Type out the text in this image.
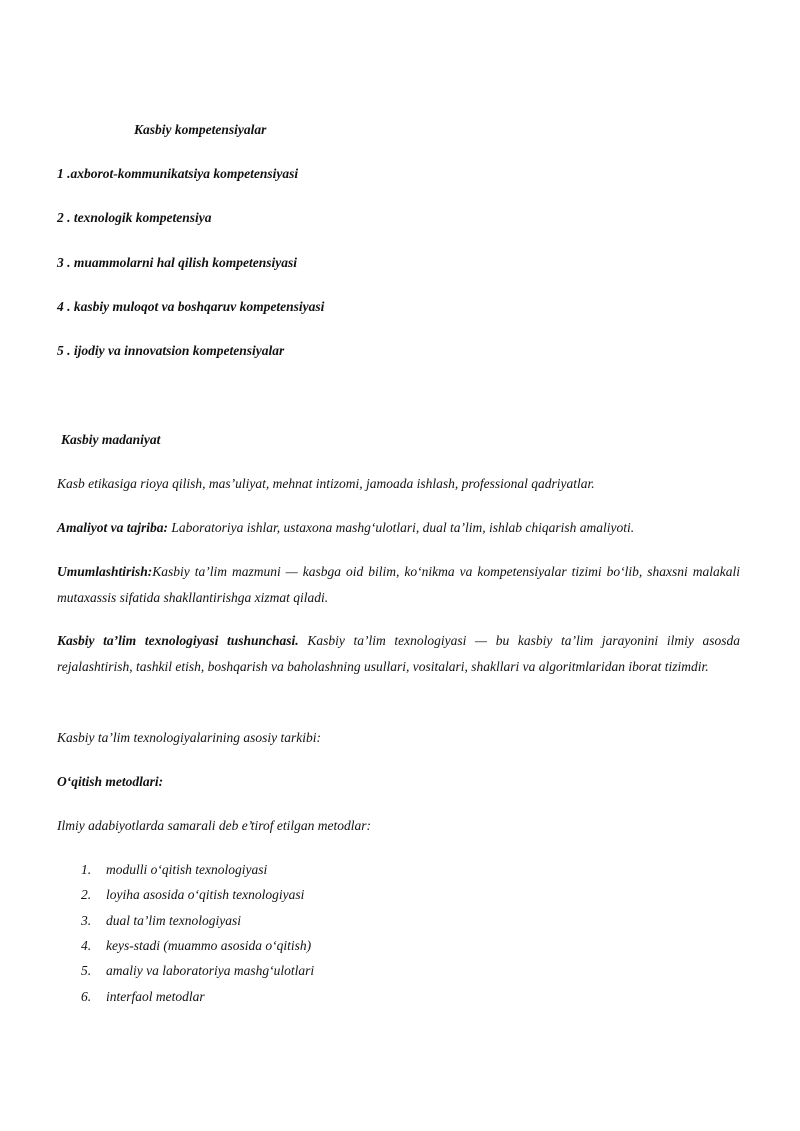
Kasbiy kompetensiyalar
1 .axborot-kommunikatsiya kompetensiyasi
2 . texnologik kompetensiya
3 . muammolarni hal qilish kompetensiyasi
4 . kasbiy muloqot va boshqaruv kompetensiyasi
5 . ijodiy va innovatsion kompetensiyalar
Kasbiy madaniyat
Kasb etikasiga rioya qilish, mas’uliyat, mehnat intizomi, jamoada ishlash, professional qadriyatlar.
Amaliyot va tajriba: Laboratoriya ishlar, ustaxona mashg‘ulotlari, dual ta’lim, ishlab chiqarish amaliyoti.
Umumlashtirish:Kasbiy ta’lim mazmuni — kasbga oid bilim, ko‘nikma va kompetensiyalar tizimi bo‘lib, shaxsni malakali mutaxassis sifatida shakllantirishga xizmat qiladi.
Kasbiy ta’lim texnologiyasi tushunchasi. Kasbiy ta’lim texnologiyasi — bu kasbiy ta’lim jarayonini ilmiy asosda rejalashtirish, tashkil etish, boshqarish va baholashning usullari, vositalari, shakllari va algoritmlaridan iborat tizimdir.
Kasbiy ta’lim texnologiyalarining asosiy tarkibi:
O‘qitish metodlari:
Ilmiy adabiyotlarda samarali deb e’tirof etilgan metodlar:
1. modulli o‘qitish texnologiyasi
2. loyiha asosida o‘qitish texnologiyasi
3. dual ta’lim texnologiyasi
4. keys-stadi (muammo asosida o‘qitish)
5. amaliy va laboratoriya mashg‘ulotlari
6. interfaol metodlar
